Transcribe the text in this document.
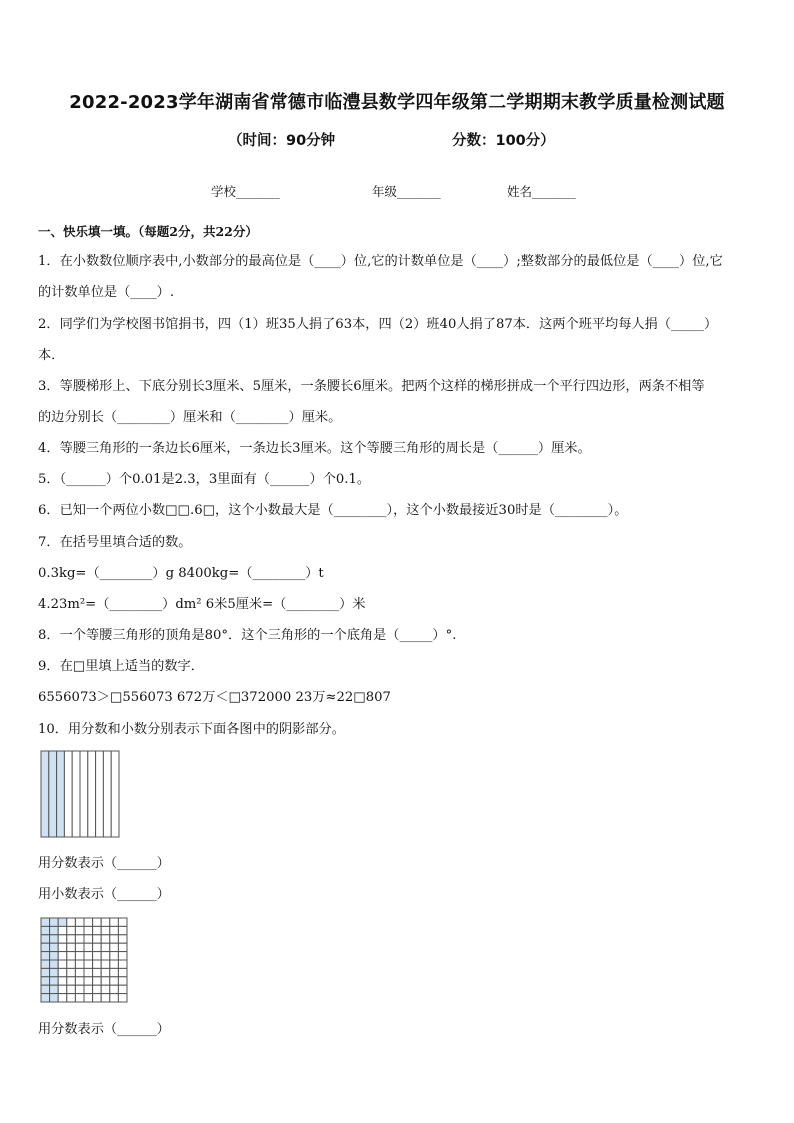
2022-2023学年湖南省常德市临澧县数学四年级第二学期期末教学质量检测试题
（时间：90分钟	分数：100分）
学校_______	年级_______	姓名_______
一、快乐填一填。（每题2分，共22分）
1．在小数数位顺序表中,小数部分的最高位是（____）位,它的计数单位是（____）;整数部分的最低位是（____）位,它
的计数单位是（____）.
2．同学们为学校图书馆捐书，四（1）班35人捐了63本，四（2）班40人捐了87本．这两个班平均每人捐（_____）
本．
3．等腰梯形上、下底分别长3厘米、5厘米，一条腰长6厘米。把两个这样的梯形拼成一个平行四边形，两条不相等
的边分别长（________）厘米和（________）厘米。
4．等腰三角形的一条边长6厘米，一条边长3厘米。这个等腰三角形的周长是（______）厘米。
5．（______）个0.01是2.3，3里面有（______）个0.1。
6．已知一个两位小数□□.6□，这个小数最大是（________），这个小数最接近30时是（________）。
7．在括号里填合适的数。
0.3kg=（________）g 8400kg=（________）t
4.23m²=（________）dm² 6米5厘米=（________）米
8．一个等腰三角形的顶角是80°．这个三角形的一个底角是（_____）°.
9．在□里填上适当的数字．
6556073＞□556073 672万＜□372000 23万≈22□807
10．用分数和小数分别表示下面各图中的阴影部分。
用分数表示（______）
用小数表示（______）
用分数表示（______）
